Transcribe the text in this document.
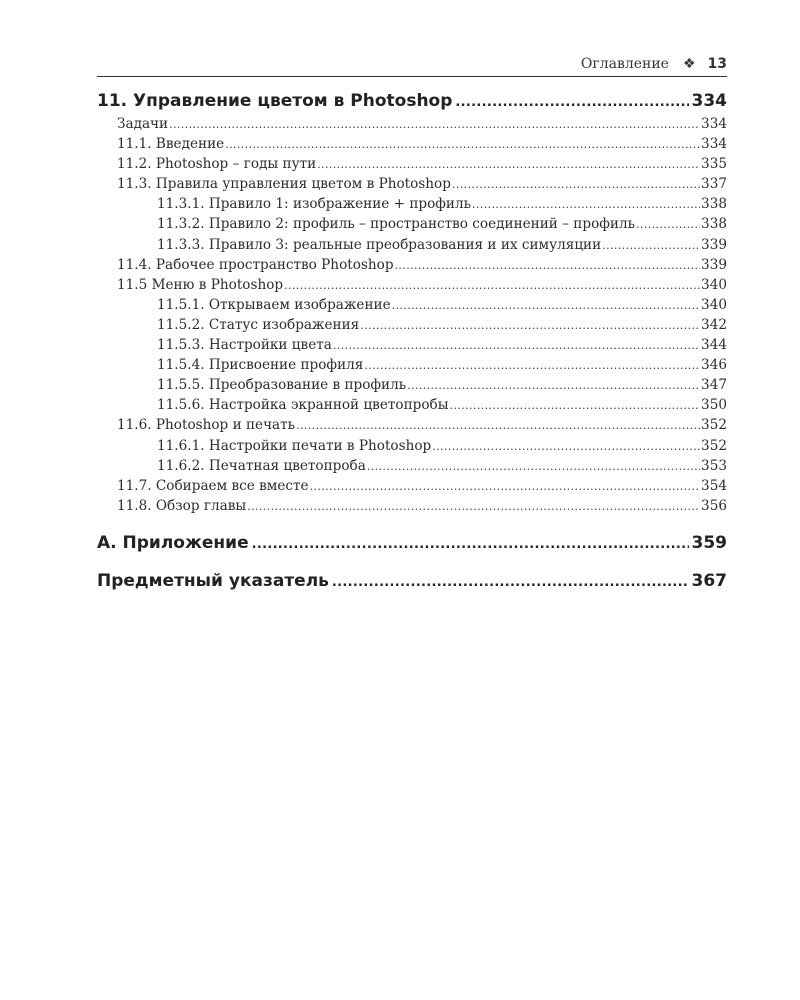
Оглавление ❖ 13
11. Управление цветом в Photoshop .....	334
Задачи .....	334
11.1. Введение .....	334
11.2. Photoshop – годы пути .....	335
11.3. Правила управления цветом в Photoshop .....	337
11.3.1. Правило 1: изображение + профиль .....	338
11.3.2. Правило 2: профиль – пространство соединений – профиль .....	338
11.3.3. Правило 3: реальные преобразования и их симуляции .....	339
11.4. Рабочее пространство Photoshop .....	339
11.5 Меню в Photoshop .....	340
11.5.1. Открываем изображение .....	340
11.5.2. Статус изображения .....	342
11.5.3. Настройки цвета .....	344
11.5.4. Присвоение профиля .....	346
11.5.5. Преобразование в профиль .....	347
11.5.6. Настройка экранной цветопробы .....	350
11.6. Photoshop и печать .....	352
11.6.1. Настройки печати в Photoshop .....	352
11.6.2. Печатная цветопроба .....	353
11.7. Собираем все вместе .....	354
11.8. Обзор главы .....	356
А. Приложение .....	359
Предметный указатель .....	367
